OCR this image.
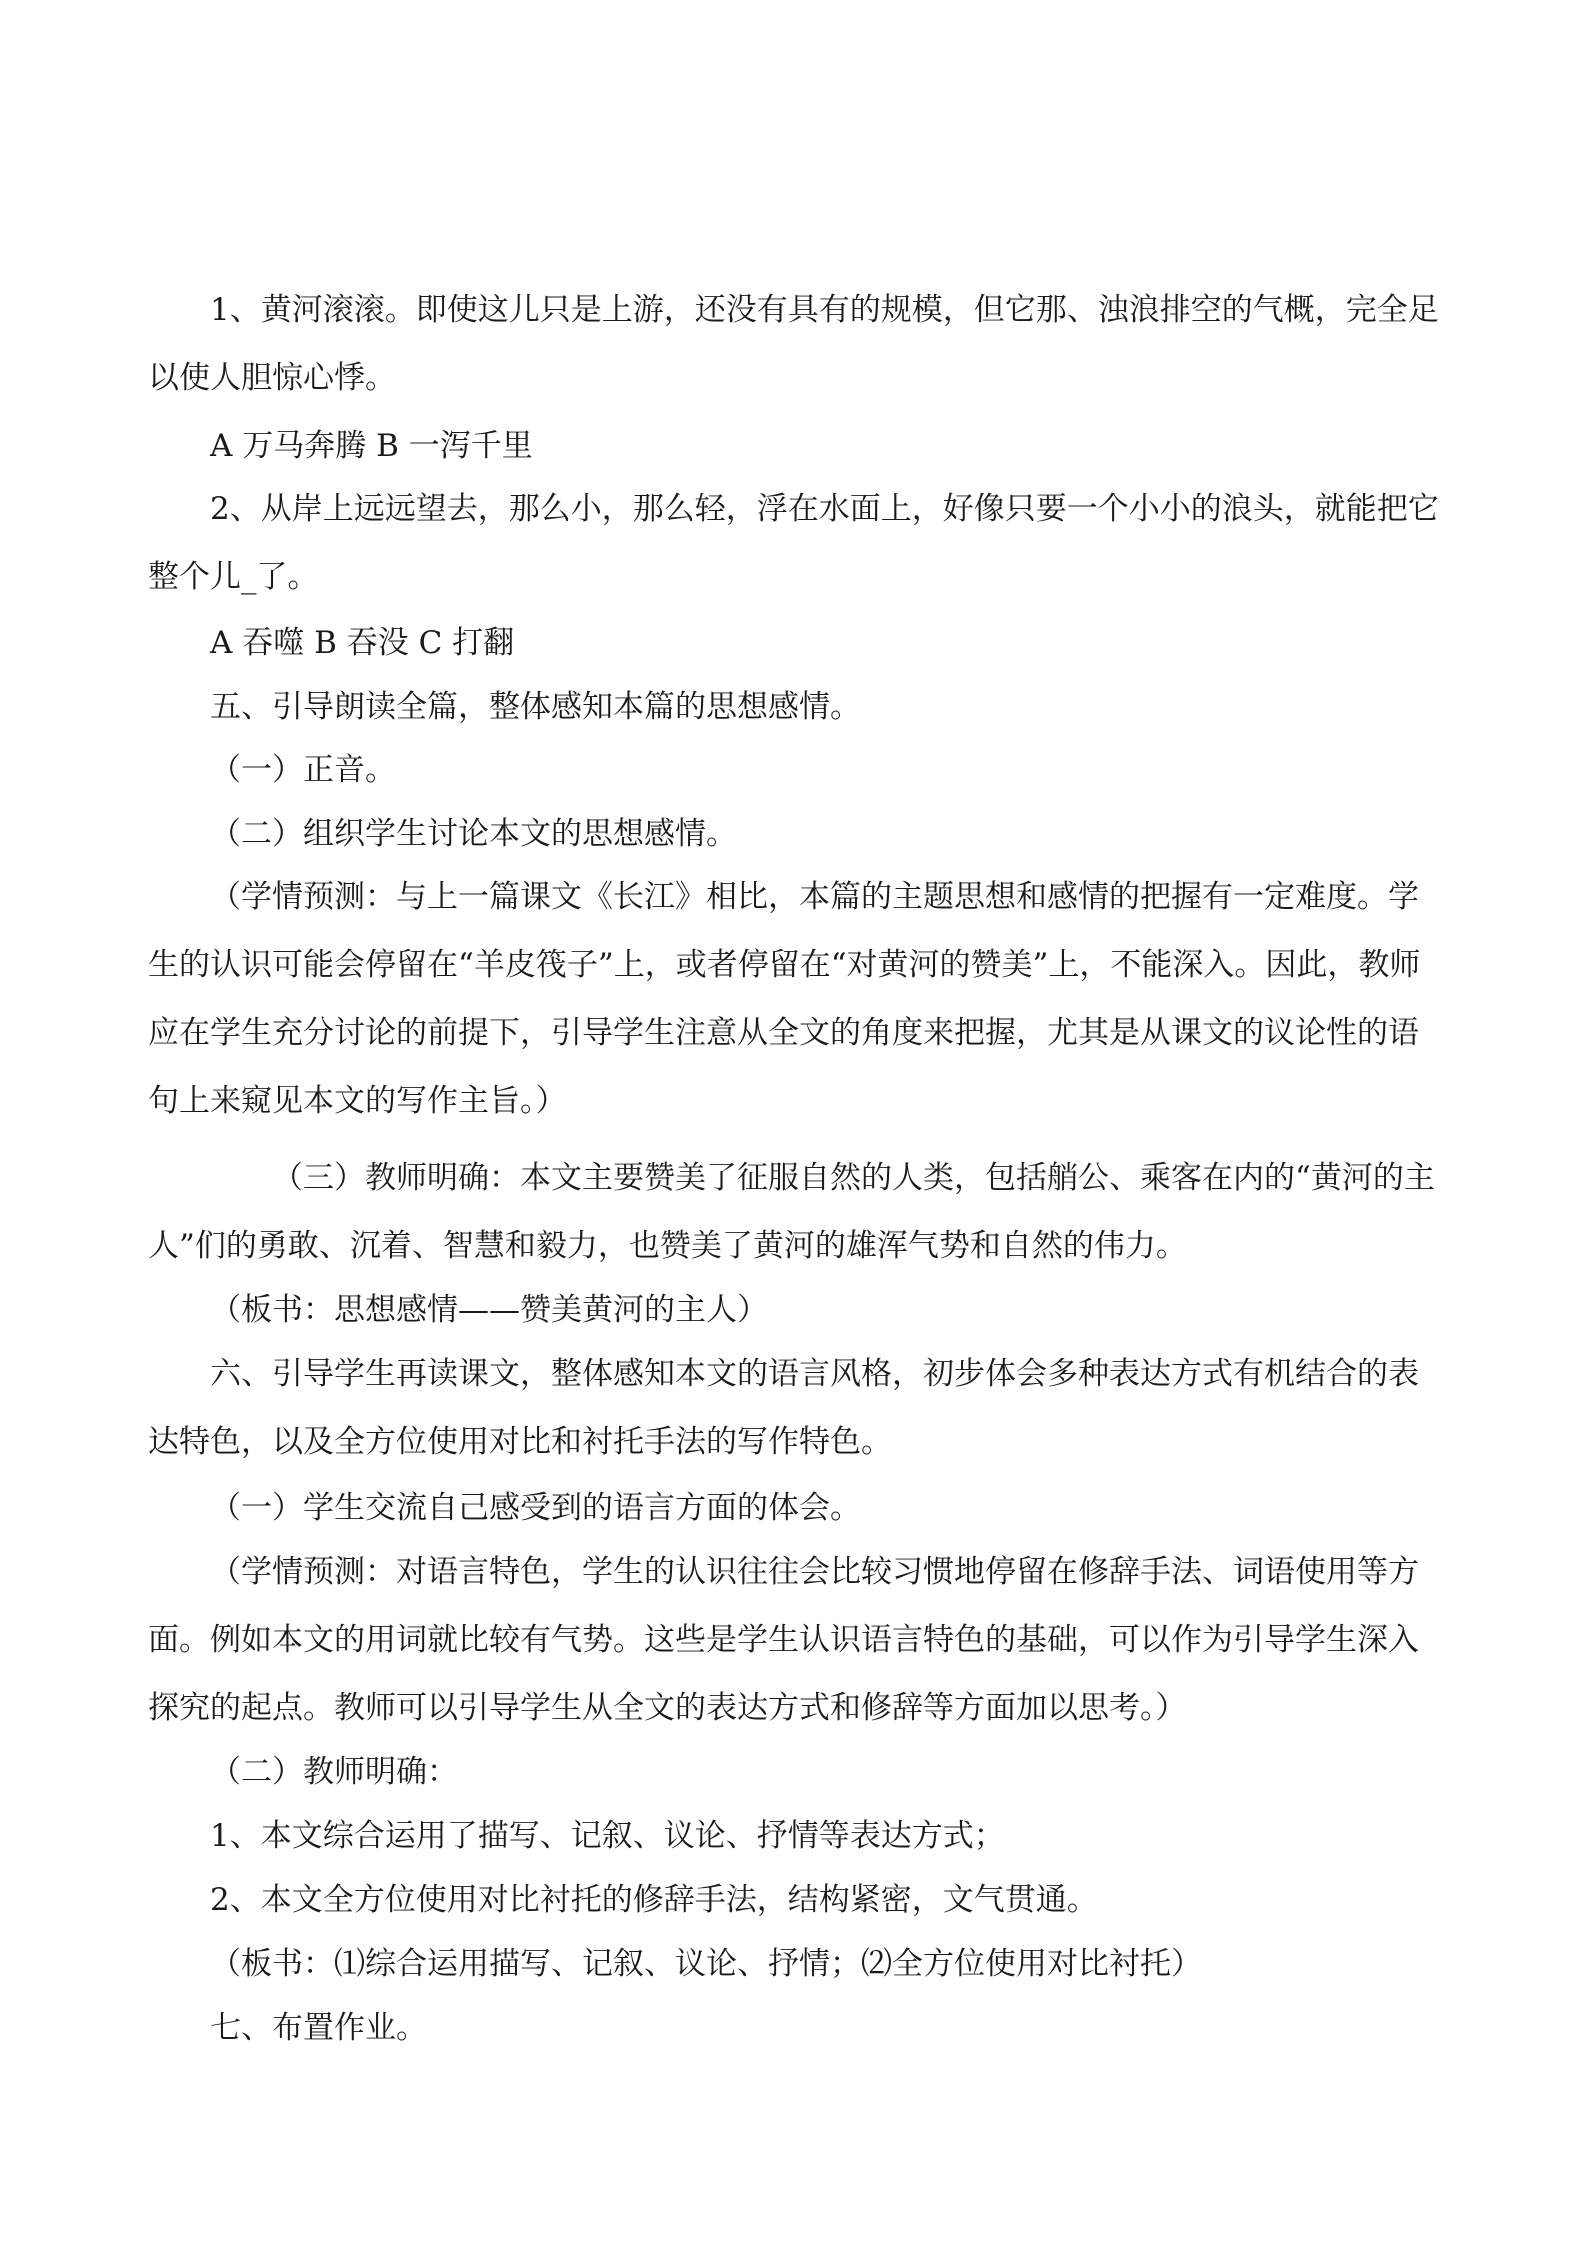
1、黄河滚滚。即使这儿只是上游，还没有具有的规模，但它那、浊浪排空的气概，完全足以使人胆惊心悸。

A 万马奔腾 B 一泻千里

2、从岸上远远望去，那么小，那么轻，浮在水面上，好像只要一个小小的浪头，就能把它整个儿_了。

A 吞噬 B 吞没 C 打翻

五、引导朗读全篇，整体感知本篇的思想感情。

（一）正音。

（二）组织学生讨论本文的思想感情。

（学情预测：与上一篇课文《长江》相比，本篇的主题思想和感情的把握有一定难度。学生的认识可能会停留在“羊皮筏子”上，或者停留在“对黄河的赞美”上，不能深入。因此，教师应在学生充分讨论的前提下，引导学生注意从全文的角度来把握，尤其是从课文的议论性的语句上来窥见本文的写作主旨。）

（三）教师明确：本文主要赞美了征服自然的人类，包括艄公、乘客在内的“黄河的主人”们的勇敢、沉着、智慧和毅力，也赞美了黄河的雄浑气势和自然的伟力。

（板书：思想感情——赞美黄河的主人）

六、引导学生再读课文，整体感知本文的语言风格，初步体会多种表达方式有机结合的表达特色，以及全方位使用对比和衬托手法的写作特色。

（一）学生交流自己感受到的语言方面的体会。

（学情预测：对语言特色，学生的认识往往会比较习惯地停留在修辞手法、词语使用等方面。例如本文的用词就比较有气势。这些是学生认识语言特色的基础，可以作为引导学生深入探究的起点。教师可以引导学生从全文的表达方式和修辞等方面加以思考。）

（二）教师明确：

1、本文综合运用了描写、记叙、议论、抒情等表达方式；

2、本文全方位使用对比衬托的修辞手法，结构紧密，文气贯通。

（板书：⑴综合运用描写、记叙、议论、抒情；⑵全方位使用对比衬托）

七、布置作业。
